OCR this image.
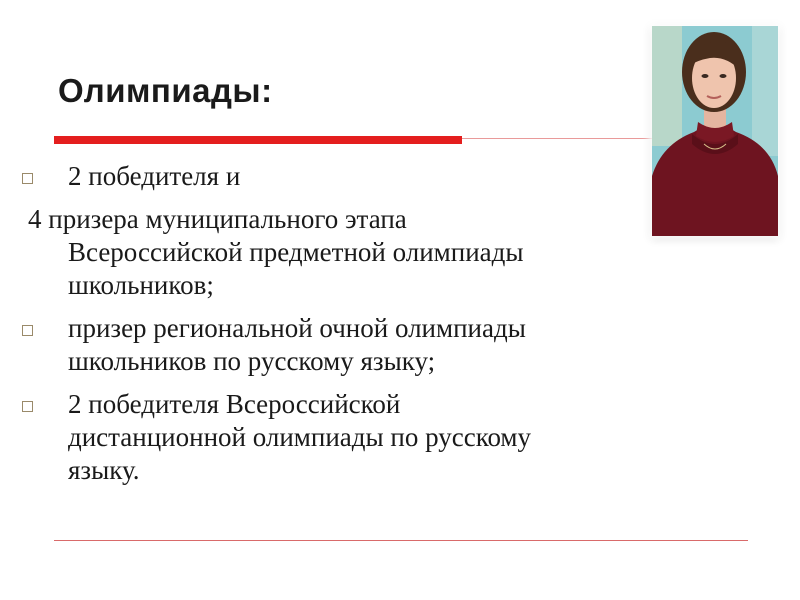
Олимпиады:
2 победителя и
4 призера муниципального этапа
Всероссийской предметной олимпиады
школьников;
призер региональной очной олимпиады
школьников по русскому языку;
2 победителя Всероссийской
дистанционной олимпиады по русскому
языку.
